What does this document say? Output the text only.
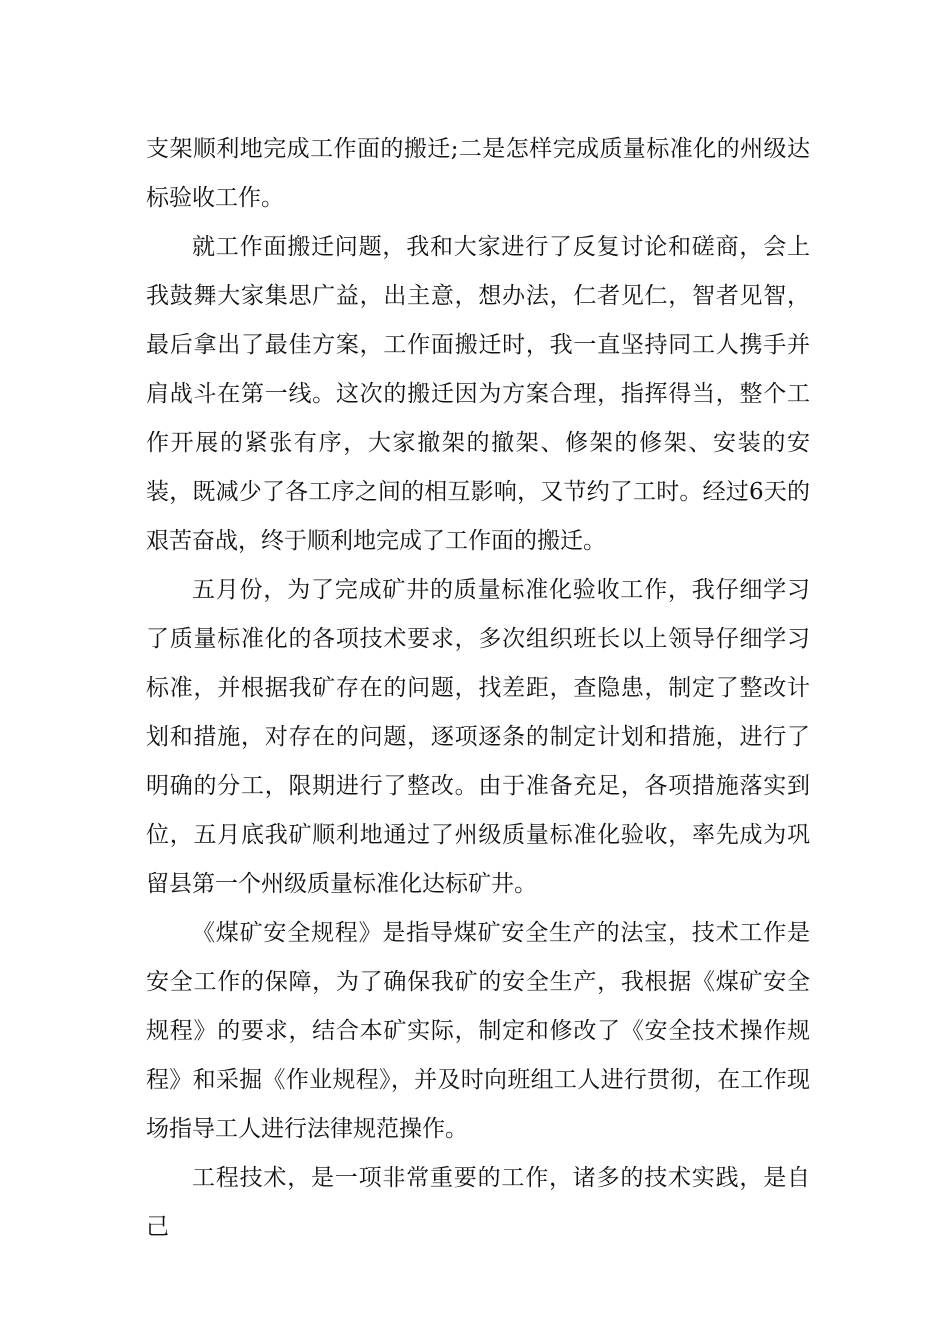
支架顺利地完成工作面的搬迁;二是怎样完成质量标准化的州级达标验收工作。

就工作面搬迁问题，我和大家进行了反复讨论和磋商，会上我鼓舞大家集思广益，出主意，想办法，仁者见仁，智者见智，最后拿出了最佳方案，工作面搬迁时，我一直坚持同工人携手并肩战斗在第一线。这次的搬迁因为方案合理，指挥得当，整个工作开展的紧张有序，大家撤架的撤架、修架的修架、安装的安装，既减少了各工序之间的相互影响，又节约了工时。经过6天的艰苦奋战，终于顺利地完成了工作面的搬迁。

五月份，为了完成矿井的质量标准化验收工作，我仔细学习了质量标准化的各项技术要求，多次组织班长以上领导仔细学习标准，并根据我矿存在的问题，找差距，查隐患，制定了整改计划和措施，对存在的问题，逐项逐条的制定计划和措施，进行了明确的分工，限期进行了整改。由于准备充足，各项措施落实到位，五月底我矿顺利地通过了州级质量标准化验收，率先成为巩留县第一个州级质量标准化达标矿井。

《煤矿安全规程》是指导煤矿安全生产的法宝，技术工作是安全工作的保障，为了确保我矿的安全生产，我根据《煤矿安全规程》的要求，结合本矿实际，制定和修改了《安全技术操作规程》和采掘《作业规程》，并及时向班组工人进行贯彻，在工作现场指导工人进行法律规范操作。

工程技术，是一项非常重要的工作，诸多的技术实践，是自己
